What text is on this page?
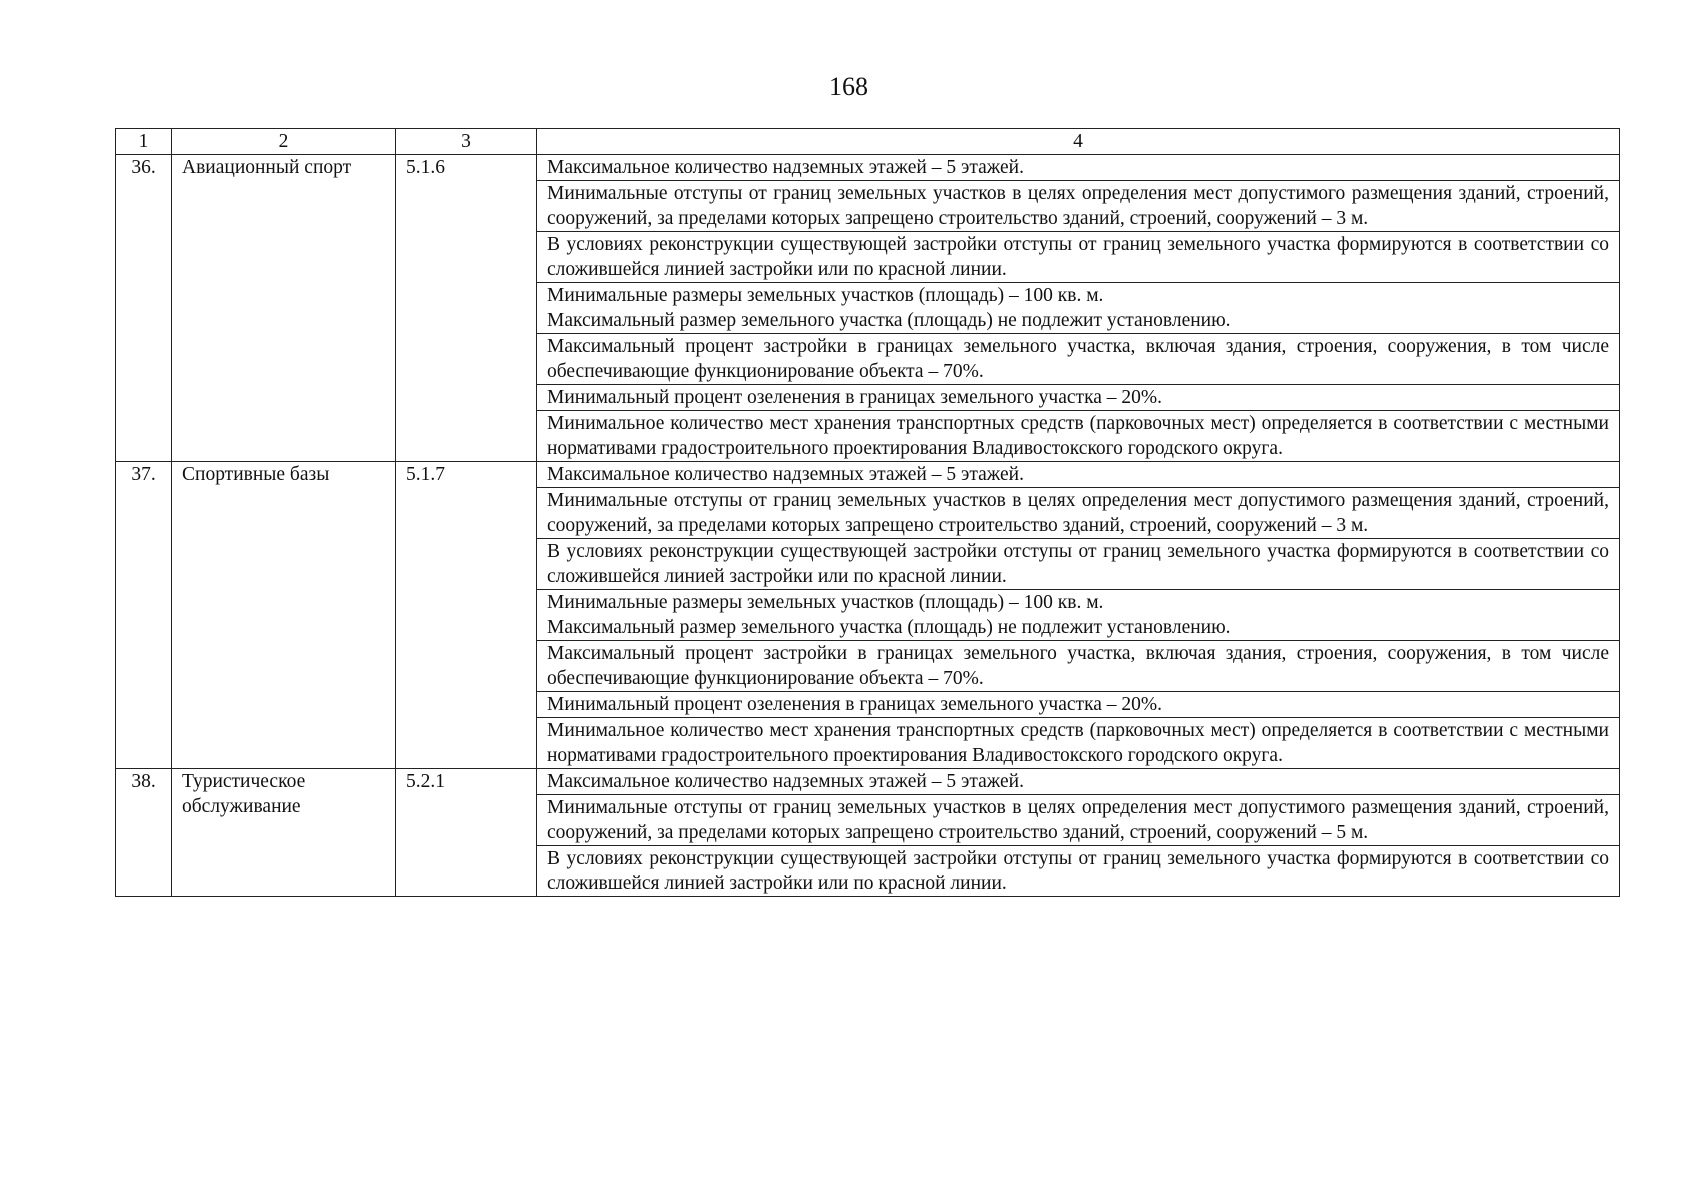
168
1	2	3	4
36.	Авиационный спорт	5.1.6	Максимальное количество надземных этажей – 5 этажей.
			Минимальные отступы от границ земельных участков в целях определения мест допустимого размещения зданий, строений, сооружений, за пределами которых запрещено строительство зданий, строений, сооружений – 3 м.
			В условиях реконструкции существующей застройки отступы от границ земельного участка формируются в соответствии со сложившейся линией застройки или по красной линии.
			Минимальные размеры земельных участков (площадь) – 100 кв. м.
Максимальный размер земельного участка (площадь) не подлежит установлению.
			Максимальный процент застройки в границах земельного участка, включая здания, строения, сооружения, в том числе обеспечивающие функционирование объекта – 70%.
			Минимальный процент озеленения в границах земельного участка – 20%.
			Минимальное количество мест хранения транспортных средств (парковочных мест) определяется в соответствии с местными нормативами градостроительного проектирования Владивостокского городского округа.
37.	Спортивные базы	5.1.7	Максимальное количество надземных этажей – 5 этажей.
			Минимальные отступы от границ земельных участков в целях определения мест допустимого размещения зданий, строений, сооружений, за пределами которых запрещено строительство зданий, строений, сооружений – 3 м.
			В условиях реконструкции существующей застройки отступы от границ земельного участка формируются в соответствии со сложившейся линией застройки или по красной линии.
			Минимальные размеры земельных участков (площадь) – 100 кв. м.
Максимальный размер земельного участка (площадь) не подлежит установлению.
			Максимальный процент застройки в границах земельного участка, включая здания, строения, сооружения, в том числе обеспечивающие функционирование объекта – 70%.
			Минимальный процент озеленения в границах земельного участка – 20%.
			Минимальное количество мест хранения транспортных средств (парковочных мест) определяется в соответствии с местными нормативами градостроительного проектирования Владивостокского городского округа.
38.	Туристическое обслуживание	5.2.1	Максимальное количество надземных этажей – 5 этажей.
			Минимальные отступы от границ земельных участков в целях определения мест допустимого размещения зданий, строений, сооружений, за пределами которых запрещено строительство зданий, строений, сооружений – 5 м.
			В условиях реконструкции существующей застройки отступы от границ земельного участка формируются в соответствии со сложившейся линией застройки или по красной линии.
